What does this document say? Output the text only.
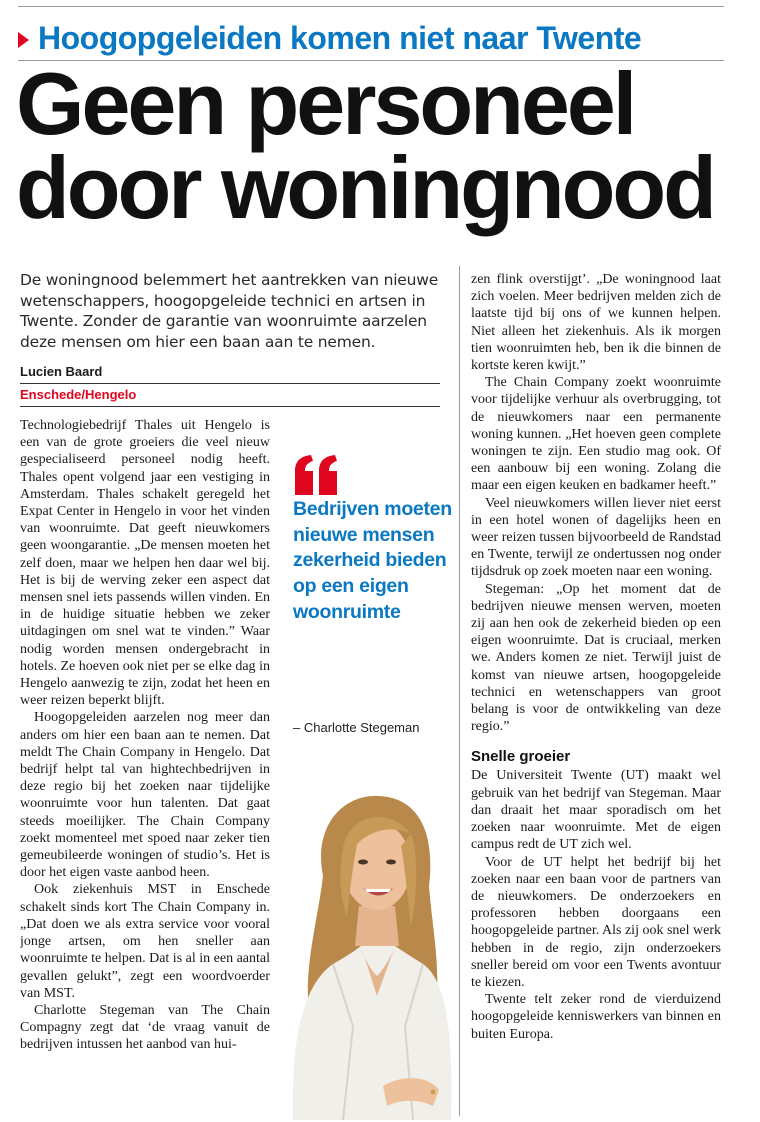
Hoogopgeleiden komen niet naar Twente
Geen personeel
door woningnood

De woningnood belemmert het aantrekken van nieuwe wetenschappers, hoogopgeleide technici en artsen in Twente. Zonder de garantie van woonruimte aarzelen deze mensen om hier een baan aan te nemen.

Lucien Baard

Enschede/Hengelo

Technologiebedrijf Thales uit Hengelo is een van de grote groeiers die veel nieuw gespecialiseerd personeel nodig heeft. Thales opent volgend jaar een vestiging in Amsterdam. Thales schakelt geregeld het Expat Center in Hengelo in voor het vinden van woonruimte. Dat geeft nieuwkomers geen woongarantie. „De mensen moeten het zelf doen, maar we helpen hen daar wel bij. Het is bij de werving zeker een aspect dat mensen snel iets passends willen vinden. En in de huidige situatie hebben we zeker uitdagingen om snel wat te vinden.” Waar nodig worden mensen ondergebracht in hotels. Ze hoeven ook niet per se elke dag in Hengelo aanwezig te zijn, zodat het heen en weer reizen beperkt blijft.

Hoogopgeleiden aarzelen nog meer dan anders om hier een baan aan te nemen. Dat meldt The Chain Company in Hengelo. Dat bedrijf helpt tal van hightechbedrijven in deze regio bij het zoeken naar tijdelijke woonruimte voor hun talenten. Dat gaat steeds moeilijker. The Chain Company zoekt momenteel met spoed naar zeker tien gemeubileerde woningen of studio’s. Het is door het eigen vaste aanbod heen.

Ook ziekenhuis MST in Enschede schakelt sinds kort The Chain Company in. „Dat doen we als extra service voor vooral jonge artsen, om hen sneller aan woonruimte te helpen. Dat is al in een aantal gevallen gelukt”, zegt een woordvoerder van MST.

Charlotte Stegeman van The Chain Compagny zegt dat ‘de vraag vanuit de bedrijven intussen het aanbod van hui-

Bedrijven moeten nieuwe mensen zekerheid bieden op een eigen woonruimte

– Charlotte Stegeman

zen flink overstijgt’. „De woningnood laat zich voelen. Meer bedrijven melden zich de laatste tijd bij ons of we kunnen helpen. Niet alleen het ziekenhuis. Als ik morgen tien woonruimten heb, ben ik die binnen de kortste keren kwijt.”

The Chain Company zoekt woonruimte voor tijdelijke verhuur als overbrugging, tot de nieuwkomers naar een permanente woning kunnen. „Het hoeven geen complete woningen te zijn. Een studio mag ook. Of een aanbouw bij een woning. Zolang die maar een eigen keuken en badkamer heeft.”

Veel nieuwkomers willen liever niet eerst in een hotel wonen of dagelijks heen en weer reizen tussen bijvoorbeeld de Randstad en Twente, terwijl ze ondertussen nog onder tijdsdruk op zoek moeten naar een woning.

Stegeman: „Op het moment dat de bedrijven nieuwe mensen werven, moeten zij aan hen ook de zekerheid bieden op een eigen woonruimte. Dat is cruciaal, merken we. Anders komen ze niet. Terwijl juist de komst van nieuwe artsen, hoogopgeleide technici en wetenschappers van groot belang is voor de ontwikkeling van deze regio.”

Snelle groeier

De Universiteit Twente (UT) maakt wel gebruik van het bedrijf van Stegeman. Maar dan draait het maar sporadisch om het zoeken naar woonruimte. Met de eigen campus redt de UT zich wel.

Voor de UT helpt het bedrijf bij het zoeken naar een baan voor de partners van de nieuwkomers. De onderzoekers en professoren hebben doorgaans een hoogopgeleide partner. Als zij ook snel werk hebben in de regio, zijn onderzoekers sneller bereid om voor een Twents avontuur te kiezen.

Twente telt zeker rond de vierduizend hoogopgeleide kenniswerkers van binnen en buiten Europa.
